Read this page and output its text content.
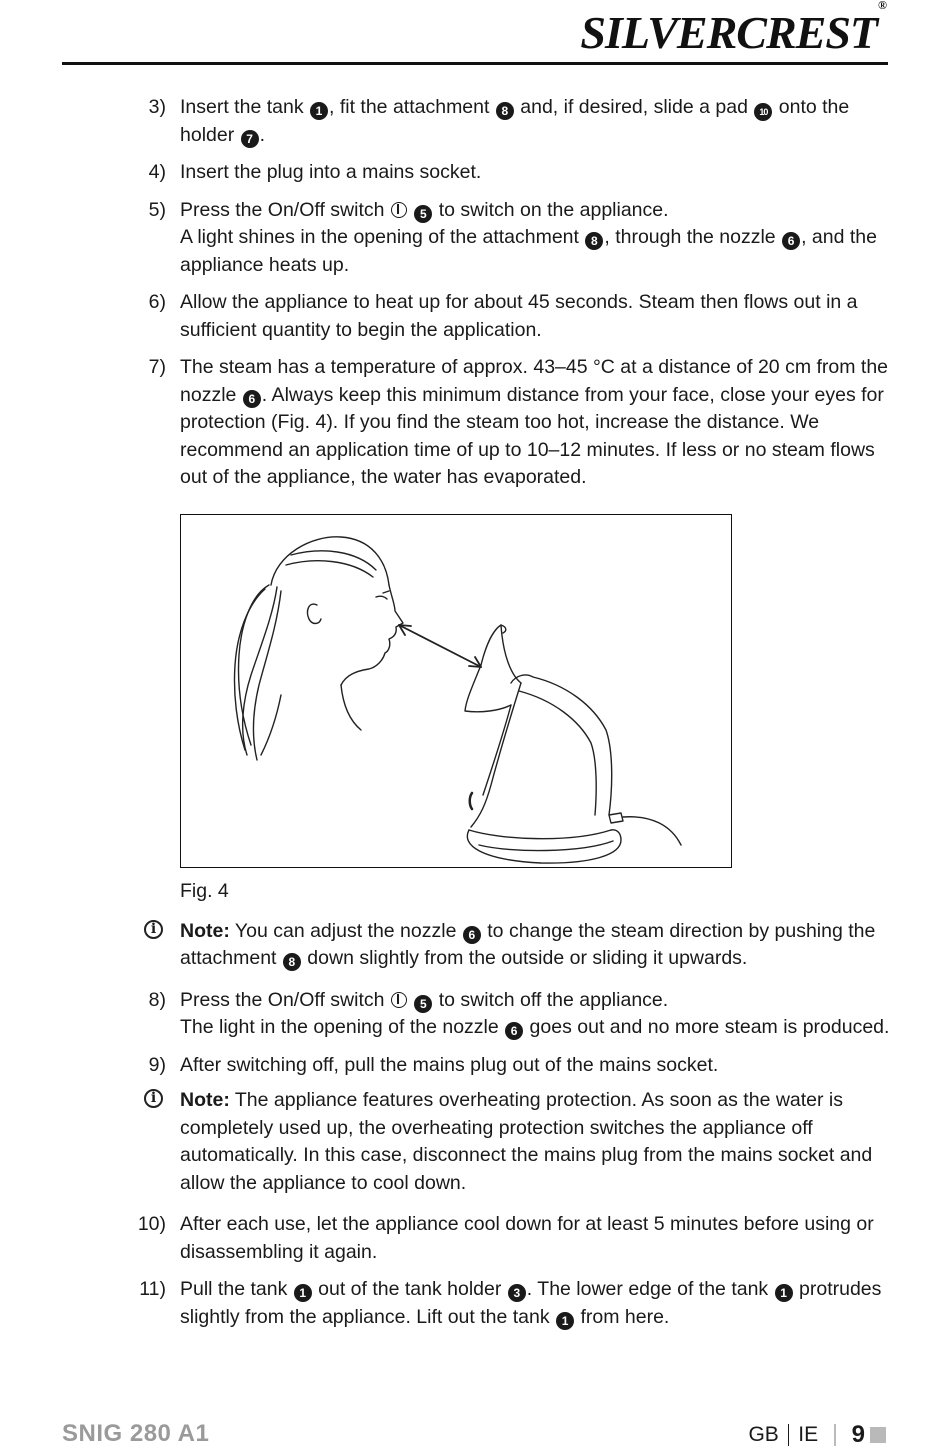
SILVERCREST®
3) Insert the tank 1 , fit the attachment 8 and, if desired, slide a pad 10 onto the holder 7 .
4) Insert the plug into a mains socket.
5) Press the On/Off switch	5 to switch on the appliance.
A light shines in the opening of the attachment 8 , through the nozzle 6 , and the appliance heats up.
6) Allow the appliance to heat up for about 45 seconds. Steam then flows out in a sufficient quantity to begin the application.
7) The steam has a temperature of approx. 43–45 °C at a distance of 20 cm from the nozzle 6 . Always keep this minimum distance from your face, close your eyes for protection (Fig. 4). If you find the steam too hot, increase the distance. We recommend an application time of up to 10–12 minutes. If less or no steam flows out of the appliance, the water has evaporated.
Fig. 4
i	Note: You can adjust the nozzle 6 to change the steam direction by pushing the attachment 8 down slightly from the outside or sliding it upwards.
8) Press the On/Off switch	5 to switch off the appliance.
The light in the opening of the nozzle 6 goes out and no more steam is produced.
9) After switching off, pull the mains plug out of the mains socket.
i	Note: The appliance features overheating protection. As soon as the water is completely used up, the overheating protection switches the appliance off automatically. In this case, disconnect the mains plug from the mains socket and allow the appliance to cool down.
10) After each use, let the appliance cool down for at least 5 minutes before using or disassembling it again.
11) Pull the tank 1 out of the tank holder 3 . The lower edge of the tank 1 protrudes slightly from the appliance. Lift out the tank 1 from here.
SNIG 280 A1	GB IE 9
